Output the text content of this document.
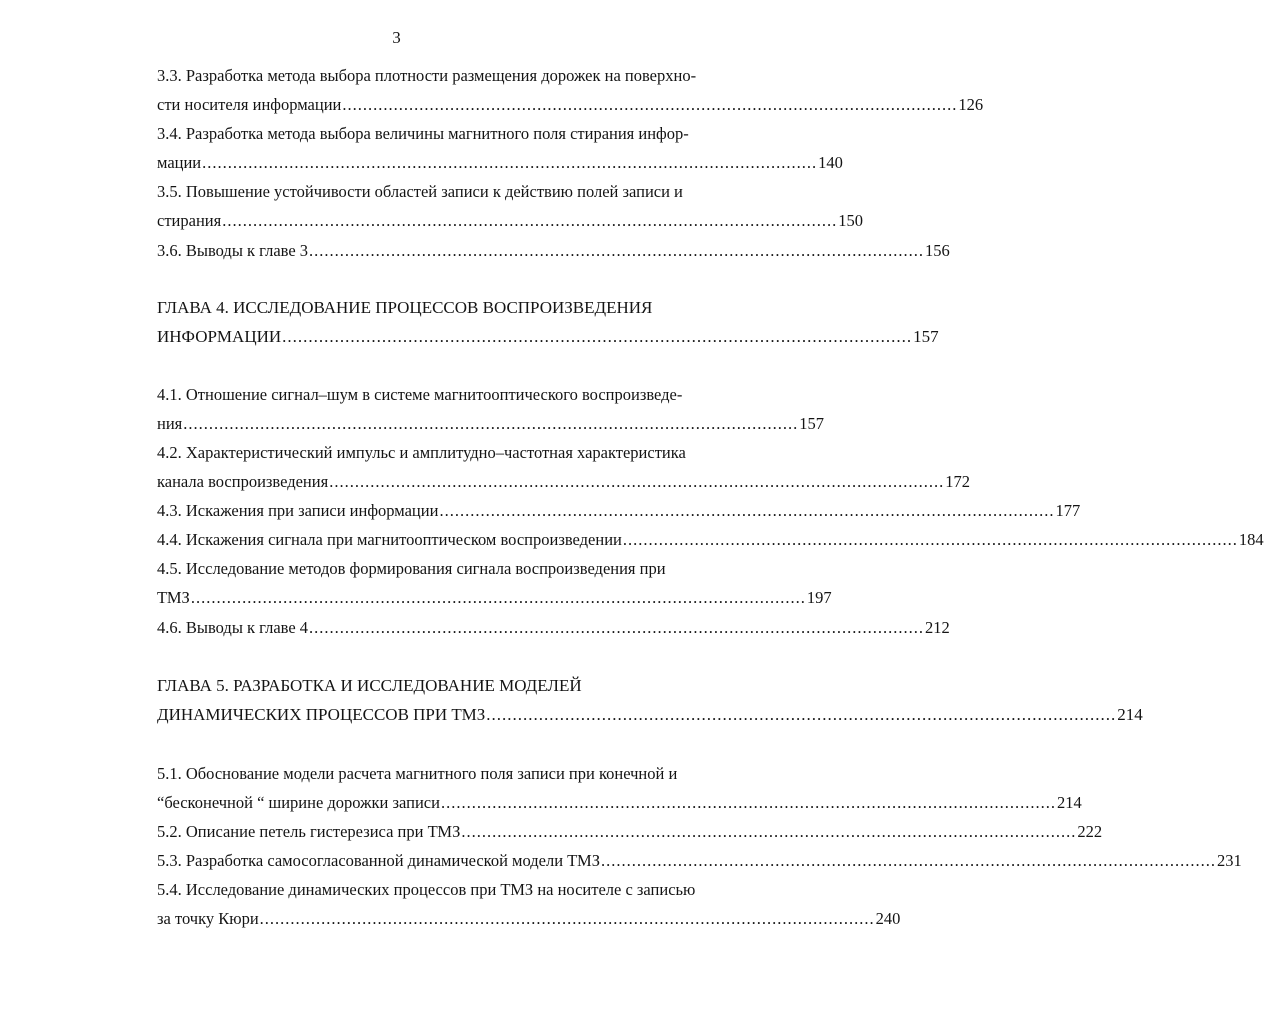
3
3.3. Разработка метода выбора плотности размещения дорожек на поверхно-
сти носителя информации ........................................................................................................................ 126
3.4. Разработка метода выбора величины магнитного поля стирания инфор-
мации ........................................................................................................................ 140
3.5. Повышение устойчивости областей записи к действию полей записи и
стирания ........................................................................................................................ 150
3.6. Выводы к главе 3 ........................................................................................................................ 156
ГЛАВА 4. ИССЛЕДОВАНИЕ ПРОЦЕССОВ ВОСПРОИЗВЕДЕНИЯ
ИНФОРМАЦИИ ........................................................................................................................ 157
4.1. Отношение сигнал–шум в системе магнитооптического воспроизведе-
ния ........................................................................................................................ 157
4.2. Характеристический импульс и амплитудно–частотная характеристика
канала воспроизведения ........................................................................................................................ 172
4.3. Искажения при записи информации ........................................................................................................................ 177
4.4. Искажения сигнала при магнитооптическом воспроизведении ........................................................................................................................ 184
4.5. Исследование методов формирования сигнала воспроизведения при
ТМЗ ........................................................................................................................ 197
4.6. Выводы к главе 4 ........................................................................................................................ 212
ГЛАВА 5. РАЗРАБОТКА И ИССЛЕДОВАНИЕ МОДЕЛЕЙ
ДИНАМИЧЕСКИХ ПРОЦЕССОВ ПРИ ТМЗ ........................................................................................................................ 214
5.1. Обоснование модели расчета магнитного поля записи при конечной и
“бесконечной “ ширине дорожки записи ........................................................................................................................ 214
5.2. Описание петель гистерезиса при ТМЗ ........................................................................................................................ 222
5.3. Разработка самосогласованной динамической модели ТМЗ ........................................................................................................................ 231
5.4. Исследование динамических процессов при ТМЗ на носителе с записью
за точку Кюри ........................................................................................................................ 240
